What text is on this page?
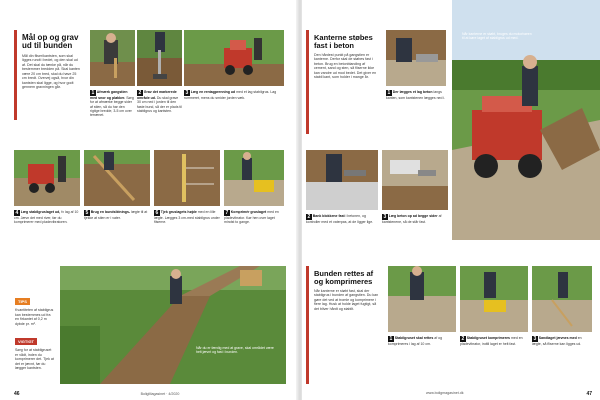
Mål op og grav
ud til bunden
Mål din fliser/kantsten, som skal ligges rundt i bedet, og den skal ud af. Det skal du tænke på, når du bestemmer bredden på. Skal kanten være 20 cm bred, skal du have 25 cm bredt. Overvej også, hvor din kantsten skal ligge, og hvor godt gennem gravningen går.
1 Afmærk gangstien med snor og pløkker. Sørg for at afmærke begge sider af stien, så du har den rigtige bredde, 3-5 cm over terrænet.
2 Grav det markerede område ud. Du skal grave 30 cm ned i jorden til den faste bund, så der er plads til stabilgrus og kantsten.
3 Læg en rentagprenning ud med et lag stabilgrus. Lag rummeret, mens du smider jorden væk.
4 Læg stabilgruslaget ud, fx lag af 10 cm. Jævn det med river, før du komprimerer med pladevibratoren.
5 Brug en bundsiktnings- lægte til at tjekke at stien er i vater.
6 Tjek gruslagets højde med en lille lægte. Lægges 3 cm-med stabilgrus under fliserne.
7 Komprimér gruslaget med en pladevibrator. Kør hen over laget mindst to gange.
TIPS
Kvantiteten af stabilgrus kan bestemmes ud fra en firkantet af 0,2 m dybde pr. m².
VIGTIGT
Sørg for at stabilgruset er vådt, inden du komprimerer det. Tjek at det er jævnt, før du lægger kantsten.
Når du er færdig med at grave, skal området være helt jævnt og fast i bunden.
46	BoligMagasinet · 4/2020
Kanterne støbes
fast i beton
Den hårdest punkt på gangstien er kanterne. Derfor skal de støbes fast i beton. Brug en betonblanding af cement, sand og sten, så fliserne ikke kan vandre ud mod bedet. Det giver en stabil kant, som holder i mange år.
1 Der lægges et lag beton langs kanten, som kantstenen lægges ned i.
Når kanterne er støbt, bruges du motorbøren til at køre laget af stabilgrus ud med.
2 Bank blokkene fast i betonen, og kontroller med et vaterpas, at de ligger lige.
3 Læg beton op ad begge sider af kantstenene, så de står fast.
Bunden rettes af
og komprimeres
Når kanterne er støbt fast, skal der stabilgrus i bunden af gangstien. Du kan gøre det ved at tromle og komprimere i flere lag. Husk at holde laget fugtigt, så det bliver hårdt og stabilt.
1 Stabilgruset skal rettes af og komprimeres i lag af 10 cm.
2 Stabilgruset komprimeres med en pladevibrator, indtil laget er helt fast.
3 Sandlaget jævnes med en lægte, så fliserne kan ligges ud.
www.boligmagasinet.dk	47
